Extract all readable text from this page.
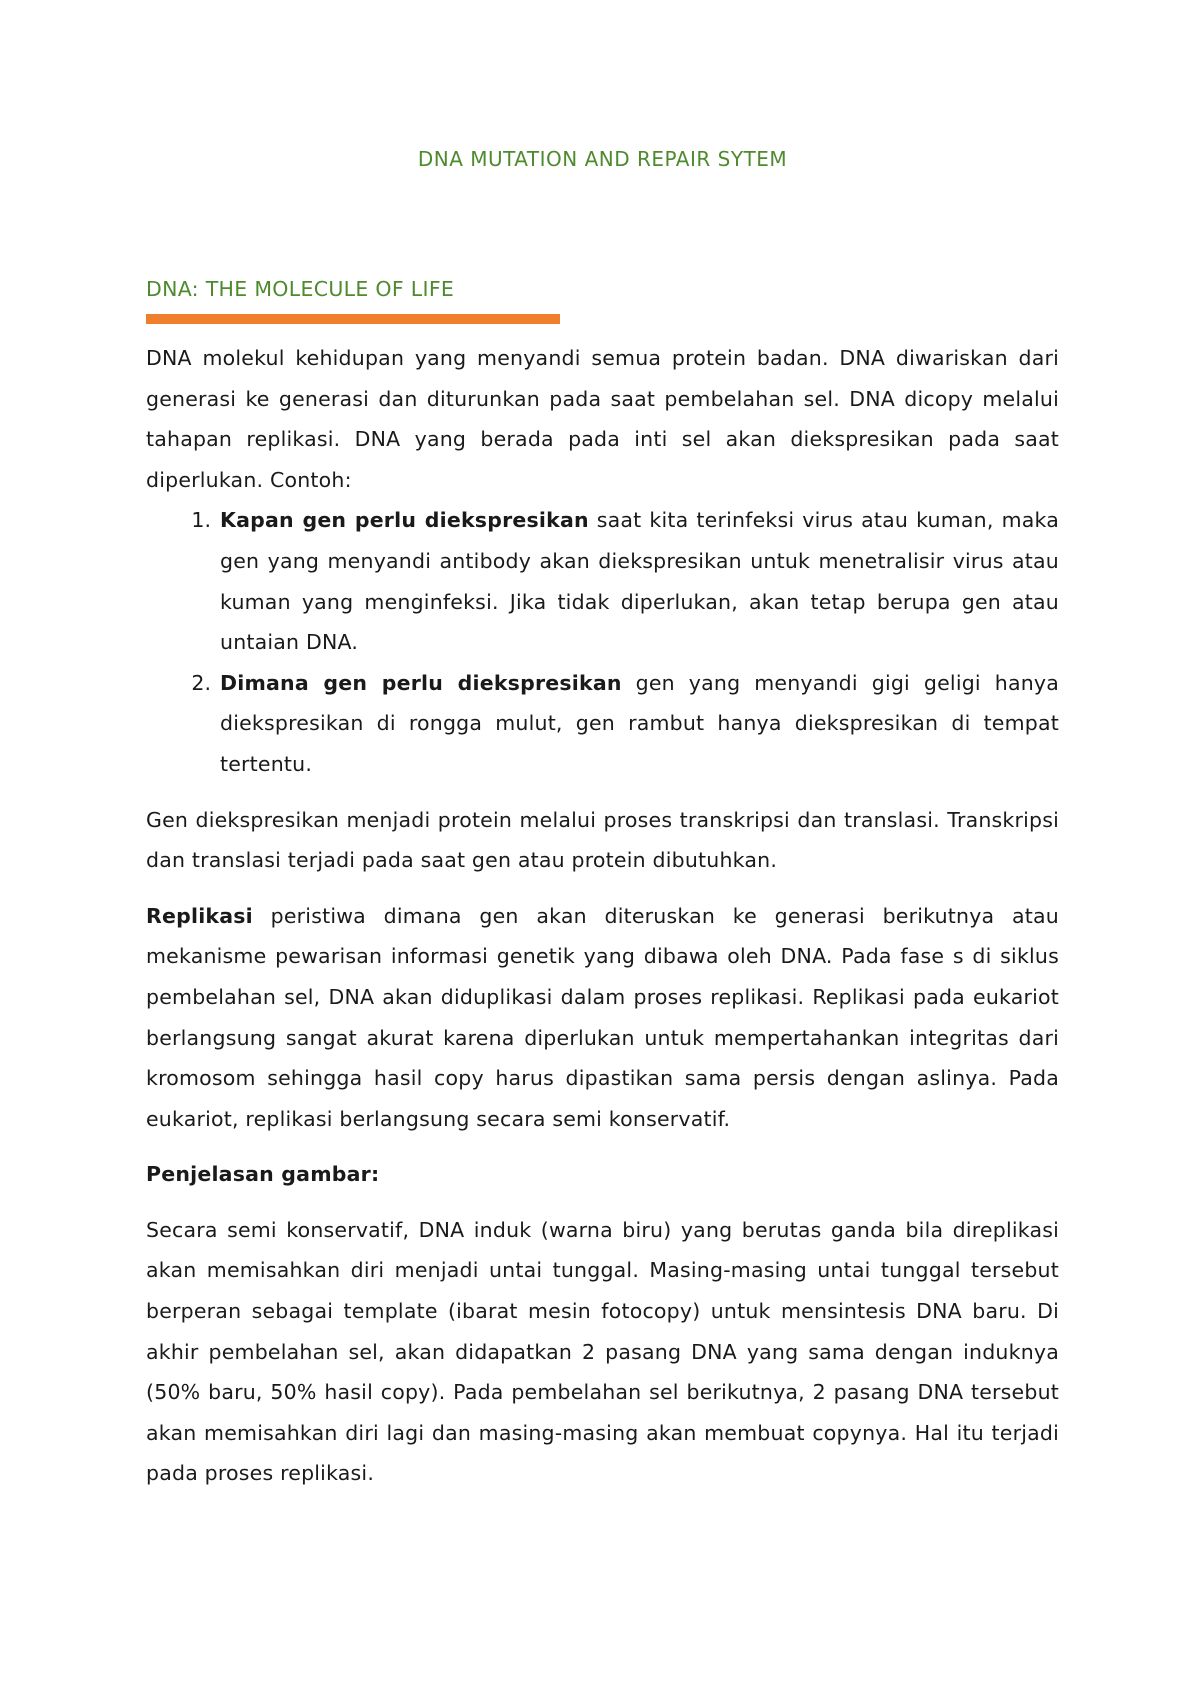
DNA MUTATION AND REPAIR SYTEM
DNA: THE MOLECULE OF LIFE

DNA molekul kehidupan yang menyandi semua protein badan. DNA diwariskan dari generasi ke generasi dan diturunkan pada saat pembelahan sel. DNA dicopy melalui tahapan replikasi. DNA yang berada pada inti sel akan diekspresikan pada saat diperlukan. Contoh:

1. Kapan gen perlu diekspresikan saat kita terinfeksi virus atau kuman, maka gen yang menyandi antibody akan diekspresikan untuk menetralisir virus atau kuman yang menginfeksi. Jika tidak diperlukan, akan tetap berupa gen atau untaian DNA.
2. Dimana gen perlu diekspresikan gen yang menyandi gigi geligi hanya diekspresikan di rongga mulut, gen rambut hanya diekspresikan di tempat tertentu.

Gen diekspresikan menjadi protein melalui proses transkripsi dan translasi. Transkripsi dan translasi terjadi pada saat gen atau protein dibutuhkan.

Replikasi peristiwa dimana gen akan diteruskan ke generasi berikutnya atau mekanisme pewarisan informasi genetik yang dibawa oleh DNA. Pada fase s di siklus pembelahan sel, DNA akan diduplikasi dalam proses replikasi. Replikasi pada eukariot berlangsung sangat akurat karena diperlukan untuk mempertahankan integritas dari kromosom sehingga hasil copy harus dipastikan sama persis dengan aslinya. Pada eukariot, replikasi berlangsung secara semi konservatif.

Penjelasan gambar:

Secara semi konservatif, DNA induk (warna biru) yang berutas ganda bila direplikasi akan memisahkan diri menjadi untai tunggal. Masing-masing untai tunggal tersebut berperan sebagai template (ibarat mesin fotocopy) untuk mensintesis DNA baru. Di akhir pembelahan sel, akan didapatkan 2 pasang DNA yang sama dengan induknya (50% baru, 50% hasil copy). Pada pembelahan sel berikutnya, 2 pasang DNA tersebut akan memisahkan diri lagi dan masing-masing akan membuat copynya. Hal itu terjadi pada proses replikasi.
